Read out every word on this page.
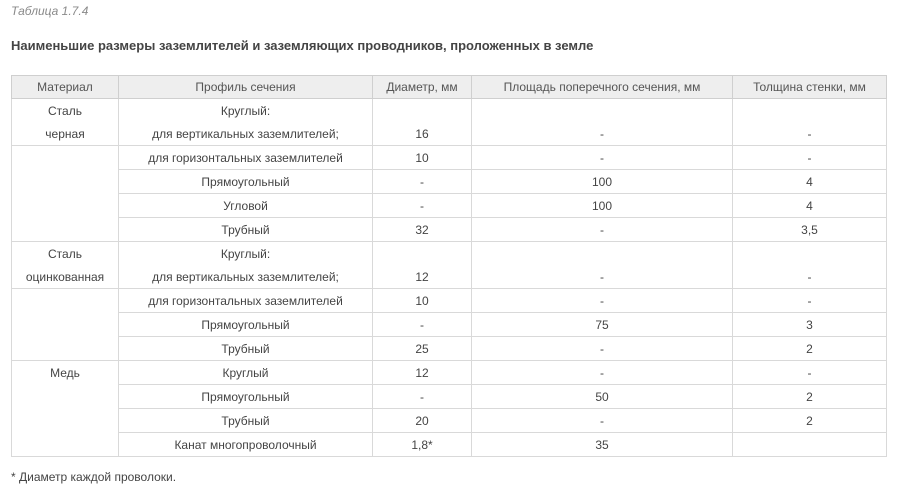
Таблица 1.7.4
Наименьшие размеры заземлителей и заземляющих проводников, проложенных в земле
Материал	Профиль сечения	Диаметр, мм	Площадь поперечного сечения, мм	Толщина стенки, мм
Сталь	Круглый:			
черная	для вертикальных заземлителей;	16	-	-
	для горизонтальных заземлителей	10	-	-
	Прямоугольный	-	100	4
	Угловой	-	100	4
	Трубный	32	-	3,5
Сталь	Круглый:			
оцинкованная	для вертикальных заземлителей;	12	-	-
	для горизонтальных заземлителей	10	-	-
	Прямоугольный	-	75	3
	Трубный	25	-	2
Медь	Круглый	12	-	-
	Прямоугольный	-	50	2
	Трубный	20	-	2
	Канат многопроволочный	1,8*	35	
* Диаметр каждой проволоки.
